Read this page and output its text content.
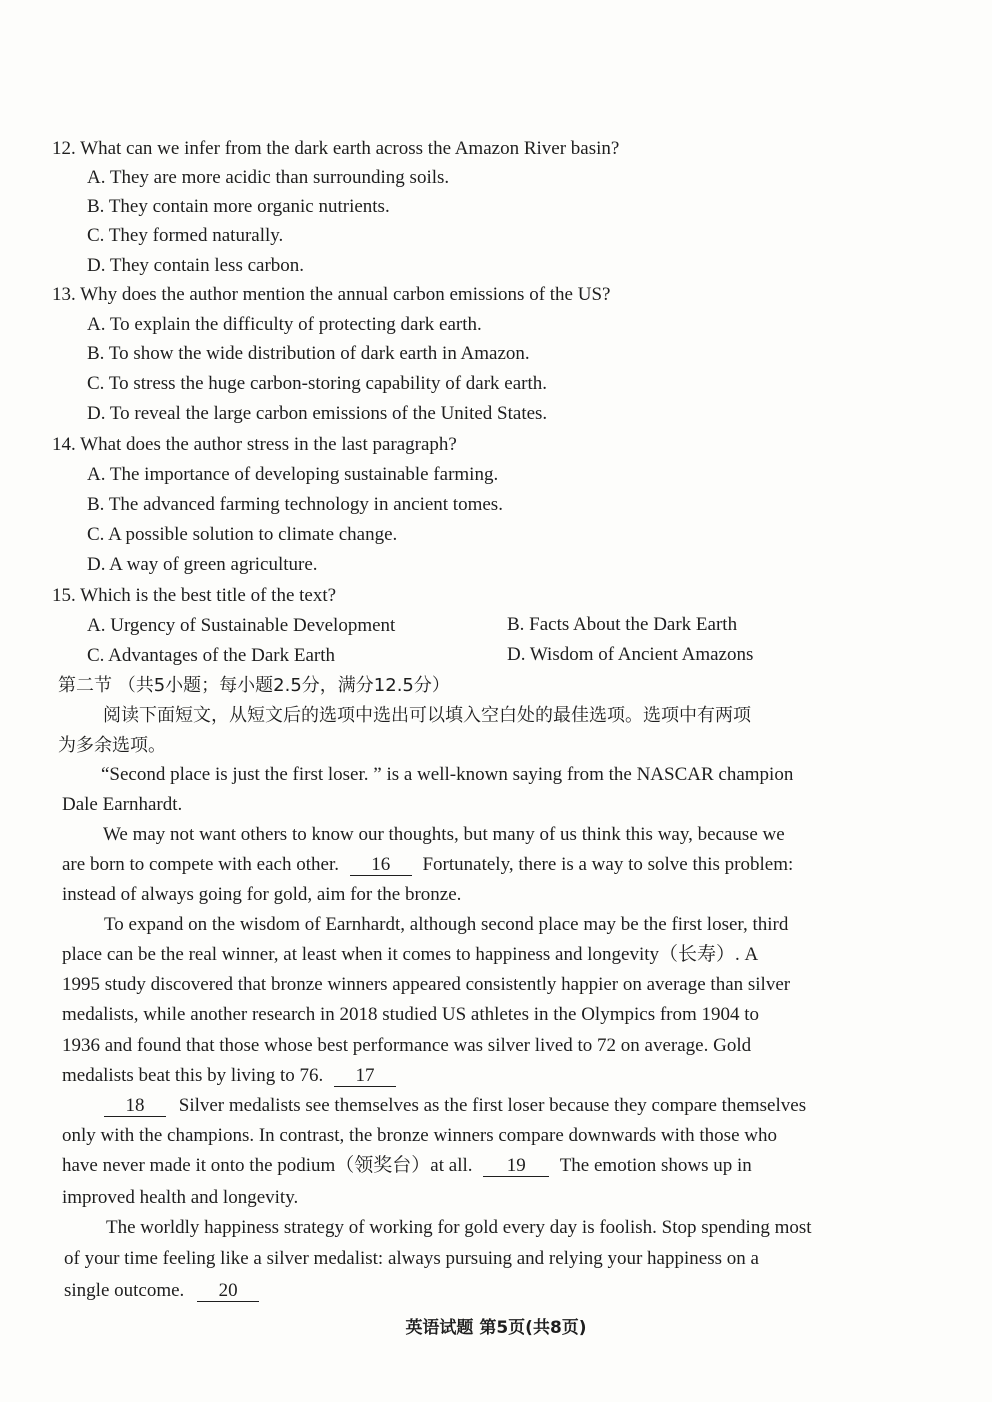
12. What can we infer from the dark earth across the Amazon River basin?
A. They are more acidic than surrounding soils.
B. They contain more organic nutrients.
C. They formed naturally.
D. They contain less carbon.
13. Why does the author mention the annual carbon emissions of the US?
A. To explain the difficulty of protecting dark earth.
B. To show the wide distribution of dark earth in Amazon.
C. To stress the huge carbon-storing capability of dark earth.
D. To reveal the large carbon emissions of the United States.
14. What does the author stress in the last paragraph?
A. The importance of developing sustainable farming.
B. The advanced farming technology in ancient tomes.
C. A possible solution to climate change.
D. A way of green agriculture.
15. Which is the best title of the text?
A. Urgency of Sustainable Development	B. Facts About the Dark Earth
C. Advantages of the Dark Earth	D. Wisdom of Ancient Amazons
第二节 （共5小题；每小题2.5分，满分12.5分）
阅读下面短文，从短文后的选项中选出可以填入空白处的最佳选项。选项中有两项
为多余选项。
“Second place is just the first loser. ” is a well-known saying from the NASCAR champion
Dale Earnhardt.
We may not want others to know our thoughts, but many of us think this way, because we
are born to compete with each other. 16 Fortunately, there is a way to solve this problem:
instead of always going for gold, aim for the bronze.
To expand on the wisdom of Earnhardt, although second place may be the first loser, third
place can be the real winner, at least when it comes to happiness and longevity（长寿）. A
1995 study discovered that bronze winners appeared consistently happier on average than silver
medalists, while another research in 2018 studied US athletes in the Olympics from 1904 to
1936 and found that those whose best performance was silver lived to 72 on average. Gold
medalists beat this by living to 76. 17
18 Silver medalists see themselves as the first loser because they compare themselves
only with the champions. In contrast, the bronze winners compare downwards with those who
have never made it onto the podium（领奖台）at all. 19 The emotion shows up in
improved health and longevity.
The worldly happiness strategy of working for gold every day is foolish. Stop spending most
of your time feeling like a silver medalist: always pursuing and relying your happiness on a
single outcome. 20
英语试题 第5页(共8页)
